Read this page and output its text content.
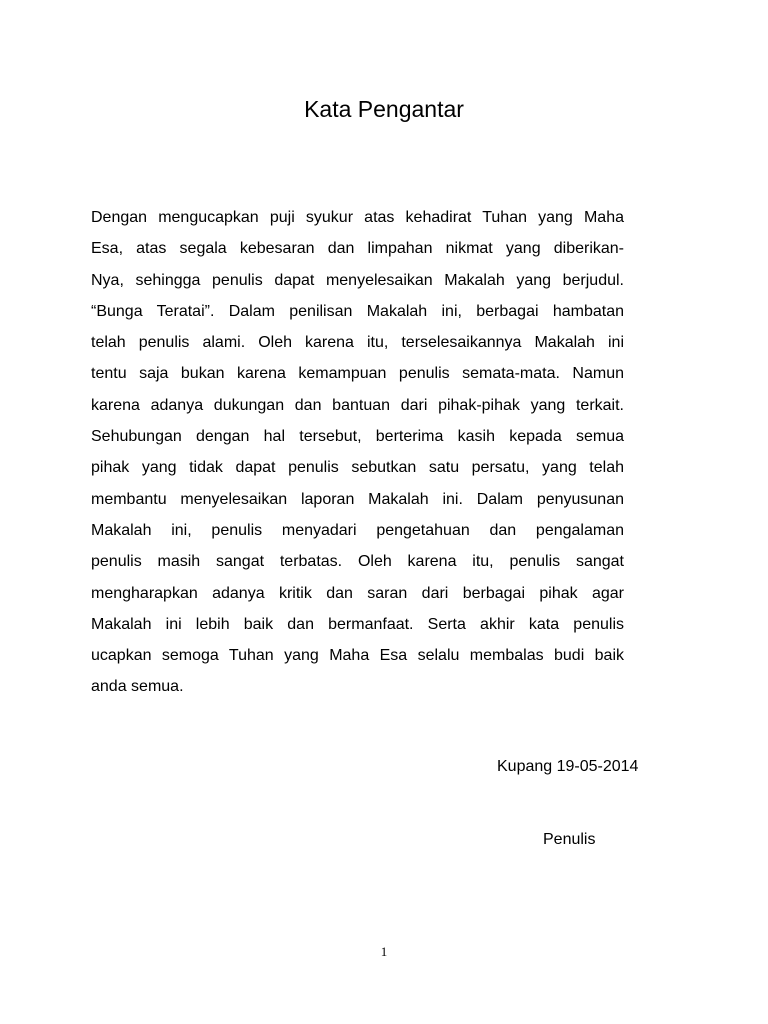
Kata Pengantar
Dengan mengucapkan puji syukur atas kehadirat Tuhan yang Maha
Esa, atas segala kebesaran dan limpahan nikmat yang diberikan-
Nya, sehingga penulis dapat menyelesaikan Makalah yang berjudul.
“Bunga Teratai”. Dalam penilisan Makalah ini, berbagai hambatan
telah penulis alami. Oleh karena itu, terselesaikannya Makalah ini
tentu saja bukan karena kemampuan penulis semata-mata. Namun
karena adanya dukungan dan bantuan dari pihak-pihak yang terkait.
Sehubungan dengan hal tersebut, berterima kasih kepada semua
pihak yang tidak dapat penulis sebutkan satu persatu, yang telah
membantu menyelesaikan laporan Makalah ini. Dalam penyusunan
Makalah ini, penulis menyadari pengetahuan dan pengalaman
penulis masih sangat terbatas. Oleh karena itu, penulis sangat
mengharapkan adanya kritik dan saran dari berbagai pihak agar
Makalah ini lebih baik dan bermanfaat. Serta akhir kata penulis
ucapkan semoga Tuhan yang Maha Esa selalu membalas budi baik
anda semua.
Kupang 19-05-2014
Penulis
1
